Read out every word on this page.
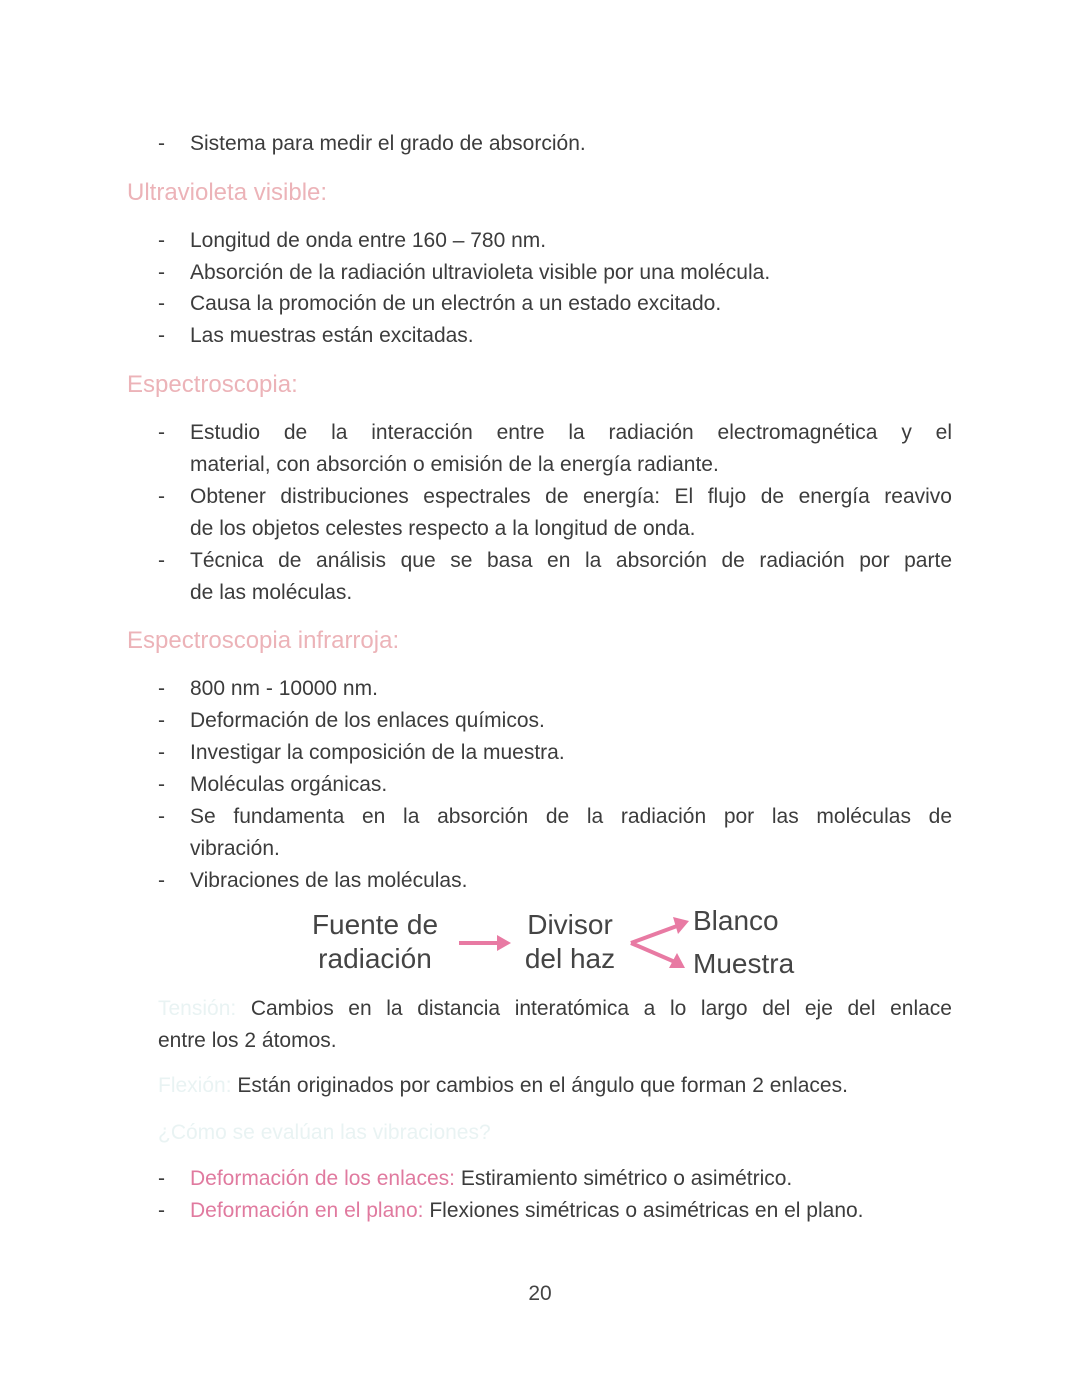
- Sistema para medir el grado de absorción.
Ultravioleta visible:
- Longitud de onda entre 160 – 780 nm.
- Absorción de la radiación ultravioleta visible por una molécula.
- Causa la promoción de un electrón a un estado excitado.
- Las muestras están excitadas.
Espectroscopia:
- Estudio de la interacción entre la radiación electromagnética y el
material, con absorción o emisión de la energía radiante.
- Obtener distribuciones espectrales de energía: El flujo de energía reavivo
de los objetos celestes respecto a la longitud de onda.
- Técnica de análisis que se basa en la absorción de radiación por parte
de las moléculas.
Espectroscopia infrarroja:
- 800 nm - 10000 nm.
- Deformación de los enlaces químicos.
- Investigar la composición de la muestra.
- Moléculas orgánicas.
- Se fundamenta en la absorción de la radiación por las moléculas de
vibración.
- Vibraciones de las moléculas.
Fuente de
radiación
Divisor
del haz
Blanco
Muestra
Tensión: Cambios en la distancia interatómica a lo largo del eje del enlace
entre los 2 átomos.
Flexión: Están originados por cambios en el ángulo que forman 2 enlaces.
¿Cómo se evalúan las vibraciones?
- Deformación de los enlaces: Estiramiento simétrico o asimétrico.
- Deformación en el plano: Flexiones simétricas o asimétricas en el plano.
20
